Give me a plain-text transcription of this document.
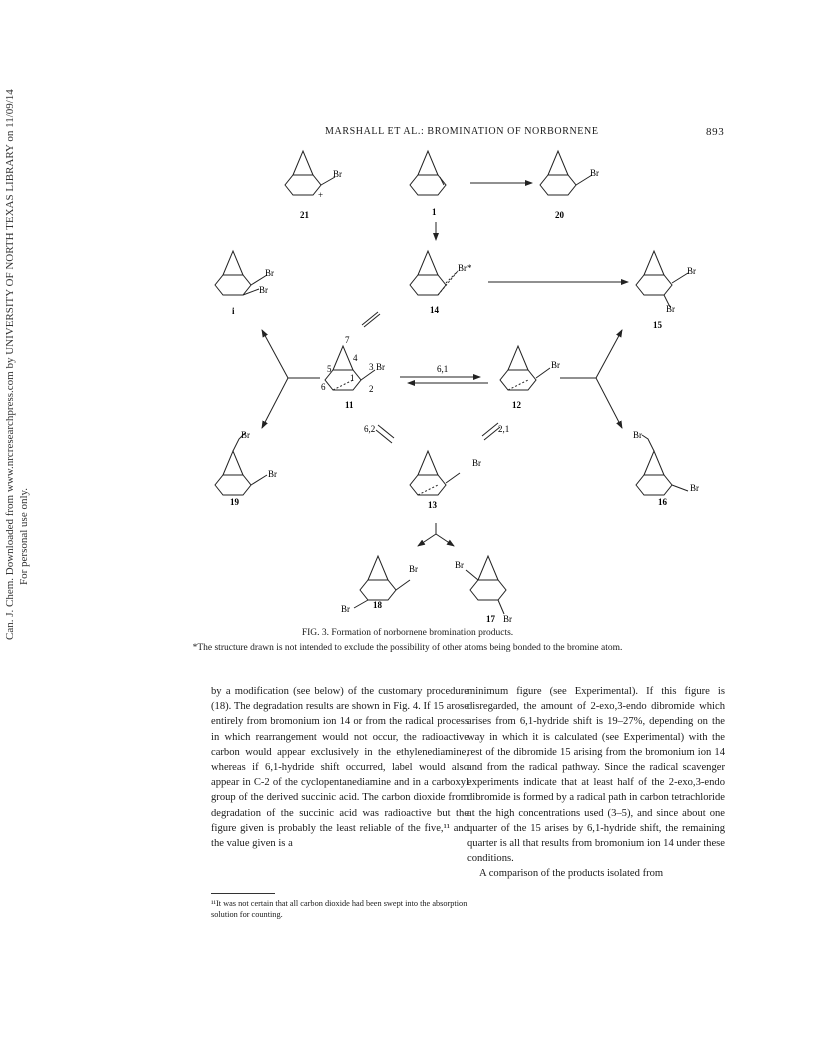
MARSHALL ET AL.: BROMINATION OF NORBORNENE	893
Can. J. Chem. Downloaded from www.nrcresearchpress.com by UNIVERSITY OF NORTH TEXAS LIBRARY on 11/09/14 For personal use only.
Br
+
Br
Br
Br
Br*	Br
Br
Br	Br
Br
Br
Br
Br
Br
Br
Br
Br
Br
6,1
6,2	2,1
7
4
3
5
6
1
2
21	1	20
i	14
15
11	12
19	13	16
18
17
FIG. 3. Formation of norbornene bromination products.
*The structure drawn is not intended to exclude the possibility of other atoms being bonded to the bromine atom.

by a modification (see below) of the customary procedure (18). The degradation results are shown in Fig. 4. If 15 arose entirely from bromonium ion 14 or from the radical process in which rearrangement would not occur, the radioactive carbon would appear exclusively in the ethylenediamine, whereas if 6,1-hydride shift occurred, label would also appear in C-2 of the cyclopentanediamine and in a carboxyl group of the derived succinic acid. The carbon dioxide from degradation of the succinic acid was radioactive but the figure given is probably the least reliable of the five,¹¹ and the value given is a

¹¹It was not certain that all carbon dioxide had been swept into the absorption solution for counting.

minimum figure (see Experimental). If this figure is disregarded, the amount of 2-exo,3-endo dibromide which arises from 6,1-hydride shift is 19–27%, depending on the way in which it is calculated (see Experimental) with the rest of the dibromide 15 arising from the bromonium ion 14 and from the radical pathway. Since the radical scavenger experiments indicate that at least half of the 2-exo,3-endo dibromide is formed by a radical path in carbon tetrachloride at the high concentrations used (3–5), and since about one quarter of the 15 arises by 6,1-hydride shift, the remaining quarter is all that results from bromonium ion 14 under these conditions.

A comparison of the products isolated from
